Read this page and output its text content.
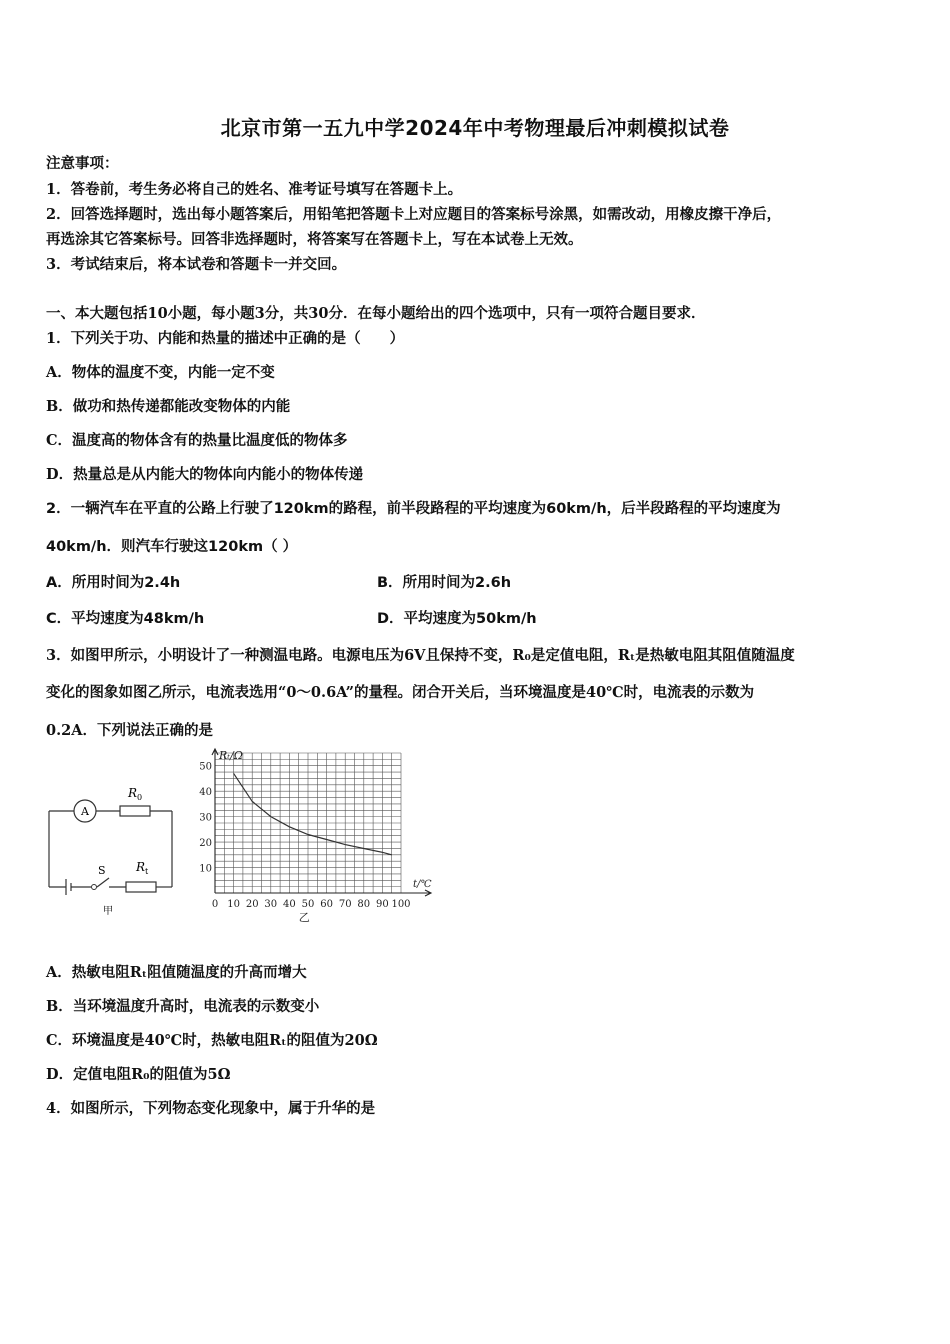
北京市第一五九中学2024年中考物理最后冲刺模拟试卷
注意事项：
1．答卷前，考生务必将自己的姓名、准考证号填写在答题卡上。
2．回答选择题时，选出每小题答案后，用铅笔把答题卡上对应题目的答案标号涂黑，如需改动，用橡皮擦干净后，
再选涂其它答案标号。回答非选择题时，将答案写在答题卡上，写在本试卷上无效。
3．考试结束后，将本试卷和答题卡一并交回。
一、本大题包括10小题，每小题3分，共30分．在每小题给出的四个选项中，只有一项符合题目要求．
1．下列关于功、内能和热量的描述中正确的是（　　）
A．物体的温度不变，内能一定不变
B．做功和热传递都能改变物体的内能
C．温度高的物体含有的热量比温度低的物体多
D．热量总是从内能大的物体向内能小的物体传递
2．一辆汽车在平直的公路上行驶了120km的路程，前半段路程的平均速度为60km/h，后半段路程的平均速度为
40km/h．则汽车行驶这120km（ ）
A．所用时间为2.4h	B．所用时间为2.6h
C．平均速度为48km/h	D．平均速度为50km/h
3．如图甲所示，小明设计了一种测温电路。电源电压为6V且保持不变，R₀是定值电阻，Rₜ是热敏电阻其阻值随温度
变化的图象如图乙所示，电流表选用“0～0.6A”的量程。闭合开关后，当环境温度是40℃时，电流表的示数为
0.2A．下列说法正确的是
A
R 0
S	R t
甲
0 10 20 30 40 50 60 70 80 90 100
10
20
30
40
50
Rₜ/Ω
t/℃
乙
A．热敏电阻Rₜ阻值随温度的升高而增大
B．当环境温度升高时，电流表的示数变小
C．环境温度是40℃时，热敏电阻Rₜ的阻值为20Ω
D．定值电阻R₀的阻值为5Ω
4．如图所示，下列物态变化现象中，属于升华的是
